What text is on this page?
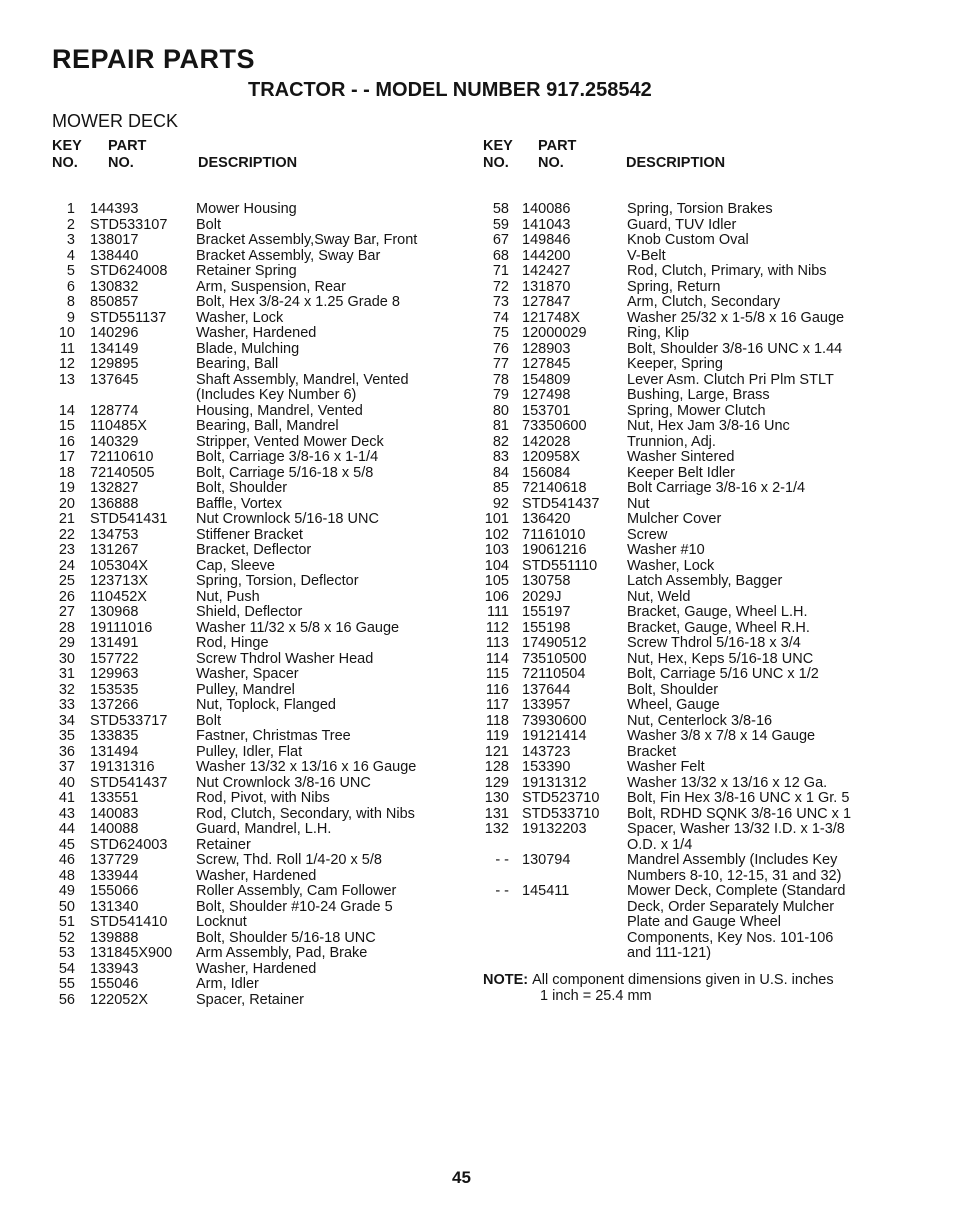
REPAIR PARTS
TRACTOR - - MODEL NUMBER 917.258542
MOWER DECK
KEY
NO.
PART
NO.	DESCRIPTION
1	144393	Mower Housing
2	STD533107	Bolt
3	138017	Bracket Assembly,Sway Bar, Front
4	138440	Bracket Assembly, Sway Bar
5	STD624008	Retainer Spring
6	130832	Arm, Suspension, Rear
8	850857	Bolt, Hex 3/8-24 x 1.25 Grade 8
9	STD551137	Washer, Lock
10	140296	Washer, Hardened
11	134149	Blade, Mulching
12	129895	Bearing, Ball
13	137645	Shaft Assembly, Mandrel, Vented
(Includes Key Number 6)
14	128774	Housing, Mandrel, Vented
15	110485X	Bearing, Ball, Mandrel
16	140329	Stripper, Vented Mower Deck
17	72110610	Bolt, Carriage 3/8-16 x 1-1/4
18	72140505	Bolt, Carriage 5/16-18 x 5/8
19	132827	Bolt, Shoulder
20	136888	Baffle, Vortex
21	STD541431	Nut Crownlock 5/16-18 UNC
22	134753	Stiffener Bracket
23	131267	Bracket, Deflector
24	105304X	Cap, Sleeve
25	123713X	Spring, Torsion, Deflector
26	110452X	Nut, Push
27	130968	Shield, Deflector
28	19111016	Washer 11/32 x 5/8 x 16 Gauge
29	131491	Rod, Hinge
30	157722	Screw Thdrol Washer Head
31	129963	Washer, Spacer
32	153535	Pulley, Mandrel
33	137266	Nut, Toplock, Flanged
34	STD533717	Bolt
35	133835	Fastner, Christmas Tree
36	131494	Pulley, Idler, Flat
37	19131316	Washer 13/32 x 13/16 x 16 Gauge
40	STD541437	Nut Crownlock 3/8-16 UNC
41	133551	Rod, Pivot, with Nibs
43	140083	Rod, Clutch, Secondary, with Nibs
44	140088	Guard, Mandrel, L.H.
45	STD624003	Retainer
46	137729	Screw, Thd. Roll 1/4-20 x 5/8
48	133944	Washer, Hardened
49	155066	Roller Assembly, Cam Follower
50	131340	Bolt, Shoulder #10-24 Grade 5
51	STD541410	Locknut
52	139888	Bolt, Shoulder 5/16-18 UNC
53	131845X900	Arm Assembly, Pad, Brake
54	133943	Washer, Hardened
55	155046	Arm, Idler
56	122052X	Spacer, Retainer
KEY
NO.
PART
NO.	DESCRIPTION
58 140086	Spring, Torsion Brakes
59 141043	Guard, TUV Idler
67 149846	Knob Custom Oval
68 144200	V-Belt
71 142427	Rod, Clutch, Primary, with Nibs
72 131870	Spring, Return
73 127847	Arm, Clutch, Secondary
74 121748X	Washer 25/32 x 1-5/8 x 16 Gauge
75 12000029	Ring, Klip
76 128903	Bolt, Shoulder 3/8-16 UNC x 1.44
77 127845	Keeper, Spring
78 154809	Lever Asm. Clutch Pri Plm STLT
79 127498	Bushing, Large, Brass
80 153701	Spring, Mower Clutch
81 73350600	Nut, Hex Jam 3/8-16 Unc
82 142028	Trunnion, Adj.
83 120958X	Washer Sintered
84 156084	Keeper Belt Idler
85 72140618	Bolt Carriage 3/8-16 x 2-1/4
92 STD541437	Nut
101 136420	Mulcher Cover
102 71161010	Screw
103 19061216	Washer #10
104 STD551110	Washer, Lock
105 130758	Latch Assembly, Bagger
106 2029J	Nut, Weld
111 155197	Bracket, Gauge, Wheel L.H.
112 155198	Bracket, Gauge, Wheel R.H.
113 17490512	Screw Thdrol 5/16-18 x 3/4
114 73510500	Nut, Hex, Keps 5/16-18 UNC
115 72110504	Bolt, Carriage 5/16 UNC x 1/2
116 137644	Bolt, Shoulder
117 133957	Wheel, Gauge
118 73930600	Nut, Centerlock 3/8-16
119 19121414	Washer 3/8 x 7/8 x 14 Gauge
121 143723	Bracket
128 153390	Washer Felt
129 19131312	Washer 13/32 x 13/16 x 12 Ga.
130 STD523710	Bolt, Fin Hex 3/8-16 UNC x 1 Gr. 5
131 STD533710	Bolt, RDHD SQNK 3/8-16 UNC x 1
132 19132203	Spacer, Washer 13/32 I.D. x 1-3/8
O.D. x 1/4
- - 130794	Mandrel Assembly (Includes Key
Numbers 8-10, 12-15, 31 and 32)
- - 145411	Mower Deck, Complete (Standard
Deck, Order Separately Mulcher
Plate and Gauge Wheel
Components, Key Nos. 101-106
and 111-121)
NOTE: All component dimensions given in U.S. inches
1 inch = 25.4 mm
45
